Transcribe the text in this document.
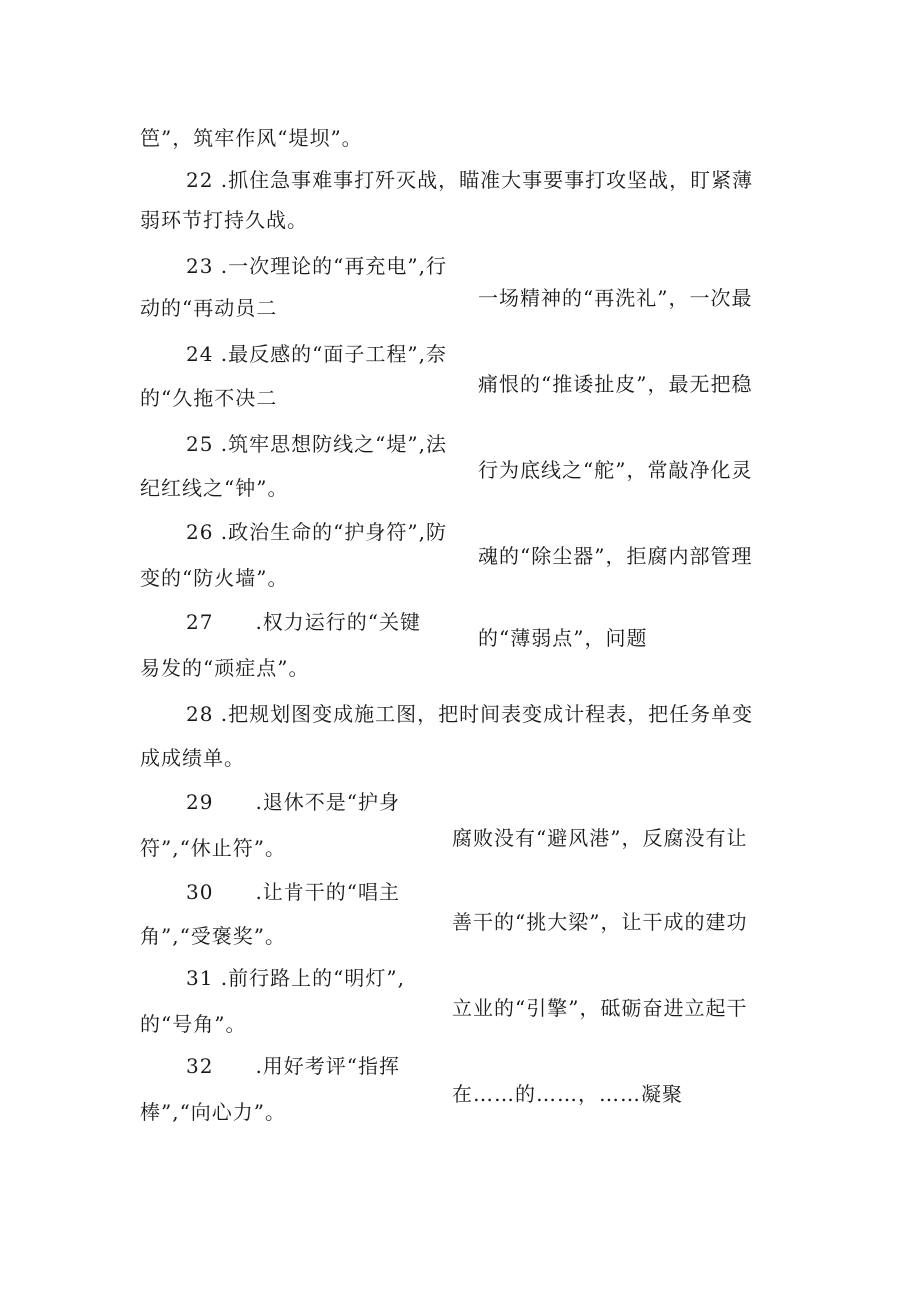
笆”，筑牢作风“堤坝”。
22 .抓住急事难事打歼灭战，瞄准大事要事打攻坚战，盯紧薄
弱环节打持久战。
23 .一次理论的“再充电”,行
一场精神的“再洗礼”，一次最
动的“再动员二
24 .最反感的“面子工程”,奈
痛恨的“推诿扯皮”，最无把稳
的“久拖不决二
25 .筑牢思想防线之“堤”,法
行为底线之“舵”，常敲净化灵
纪红线之“钟”。
26 .政治生命的“护身符”,防
魂的“除尘器”，拒腐内部管理
变的“防火墙”。
27　　.权力运行的“关键
的“薄弱点”，问题
易发的“顽症点”。
28 .把规划图变成施工图，把时间表变成计程表，把任务单变
成成绩单。
29　　.退休不是“护身
腐败没有“避风港”，反腐没有让
符”,“休止符”。
30　　.让肯干的“唱主
善干的“挑大梁”，让干成的建功
角”,“受褒奖”。
31 .前行路上的“明灯”,
立业的“引擎”，砥砺奋进立起干
的“号角”。
32　　.用好考评“指挥
在……的……，……凝聚
棒”,“向心力”。
